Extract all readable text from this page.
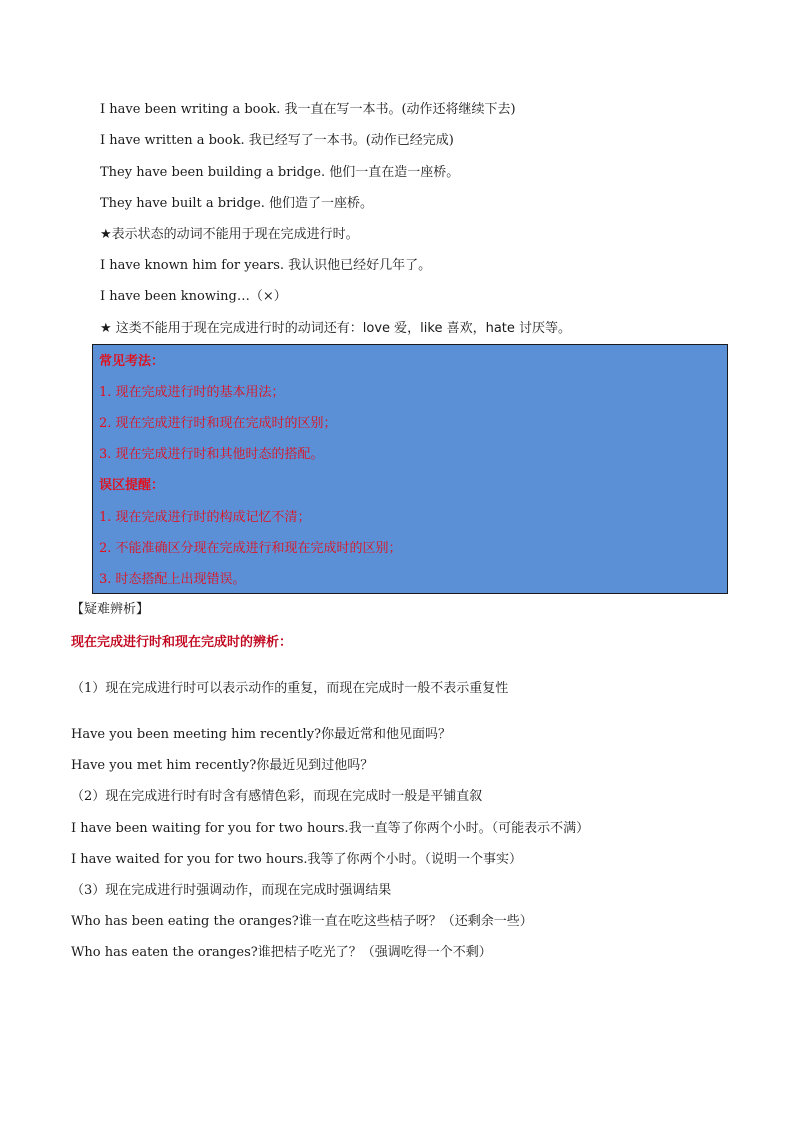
I have been writing a book. 我一直在写一本书。(动作还将继续下去)
I have written a book. 我已经写了一本书。(动作已经完成)
They have been building a bridge. 他们一直在造一座桥。
They have built a bridge. 他们造了一座桥。
★表示状态的动词不能用于现在完成进行时。
I have known him for years. 我认识他已经好几年了。
I have been knowing…（×）
★ 这类不能用于现在完成进行时的动词还有：love 爱，like 喜欢，hate 讨厌等。
常见考法：
1. 现在完成进行时的基本用法；
2. 现在完成进行时和现在完成时的区别；
3. 现在完成进行时和其他时态的搭配。
误区提醒：
1. 现在完成进行时的构成记忆不清；
2. 不能准确区分现在完成进行和现在完成时的区别；
3. 时态搭配上出现错误。
【疑难辨析】
现在完成进行时和现在完成时的辨析：
（1）现在完成进行时可以表示动作的重复，而现在完成时一般不表示重复性
Have you been meeting him recently?你最近常和他见面吗？
Have you met him recently?你最近见到过他吗？
（2）现在完成进行时有时含有感情色彩，而现在完成时一般是平铺直叙
I have been waiting for you for two hours.我一直等了你两个小时。（可能表示不满）
I have waited for you for two hours.我等了你两个小时。（说明一个事实）
（3）现在完成进行时强调动作，而现在完成时强调结果
Who has been eating the oranges?谁一直在吃这些桔子呀？（还剩余一些）
Who has eaten the oranges?谁把桔子吃光了？（强调吃得一个不剩）
